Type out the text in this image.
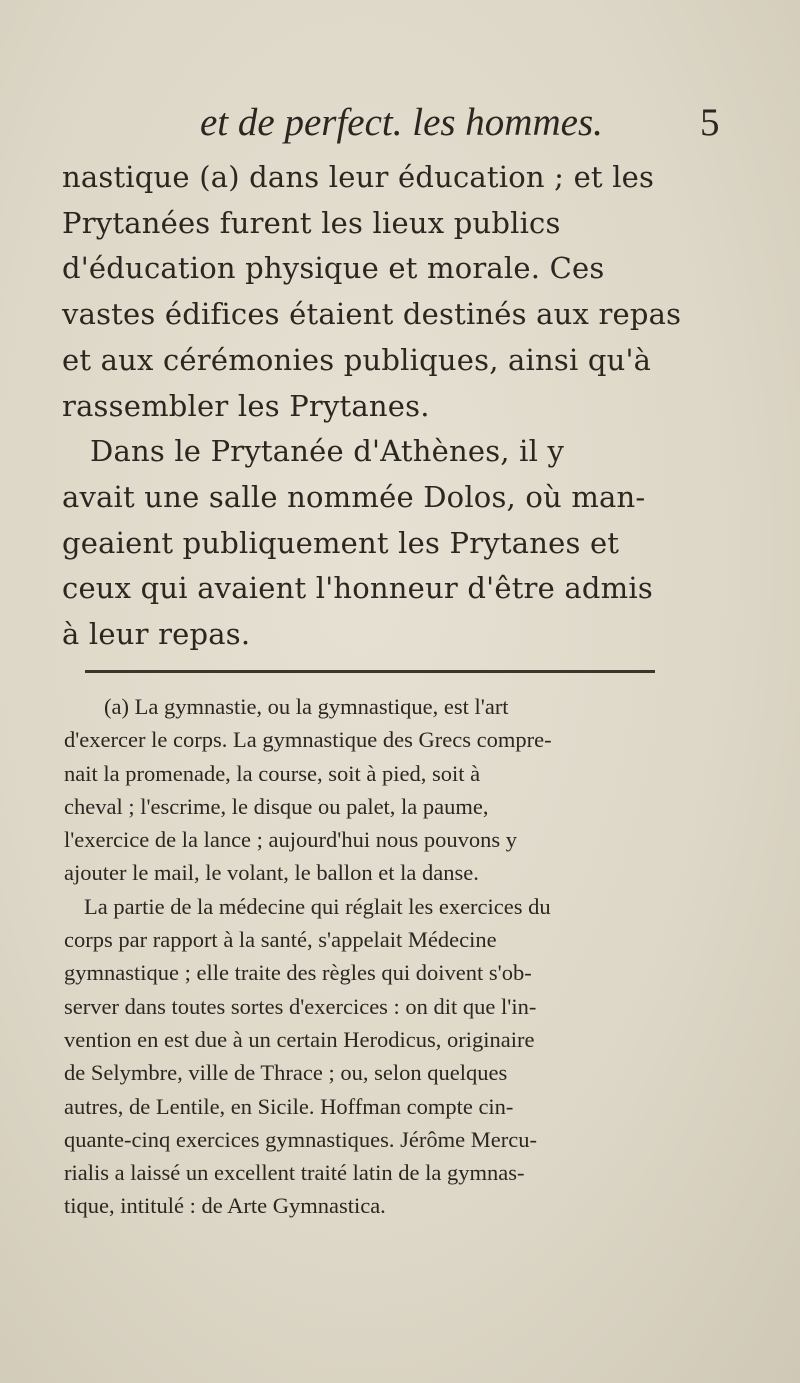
et de perfect. les hommes. 5
nastique (a) dans leur éducation ; et les
Prytanées furent les lieux publics
d'éducation physique et morale. Ces
vastes édifices étaient destinés aux repas
et aux cérémonies publiques, ainsi qu'à
rassembler les Prytanes.
Dans le Prytanée d'Athènes, il y
avait une salle nommée Dolos, où man-
geaient publiquement les Prytanes et
ceux qui avaient l'honneur d'être admis
à leur repas.
(a) La gymnastie, ou la gymnastique, est l'art
d'exercer le corps. La gymnastique des Grecs compre-
nait la promenade, la course, soit à pied, soit à
cheval ; l'escrime, le disque ou palet, la paume,
l'exercice de la lance ; aujourd'hui nous pouvons y
ajouter le mail, le volant, le ballon et la danse.
La partie de la médecine qui réglait les exercices du
corps par rapport à la santé, s'appelait Médecine
gymnastique ; elle traite des règles qui doivent s'ob-
server dans toutes sortes d'exercices : on dit que l'in-
vention en est due à un certain Herodicus, originaire
de Selymbre, ville de Thrace ; ou, selon quelques
autres, de Lentile, en Sicile. Hoffman compte cin-
quante-cinq exercices gymnastiques. Jérôme Mercu-
rialis a laissé un excellent traité latin de la gymnas-
tique, intitulé : de Arte Gymnastica.
